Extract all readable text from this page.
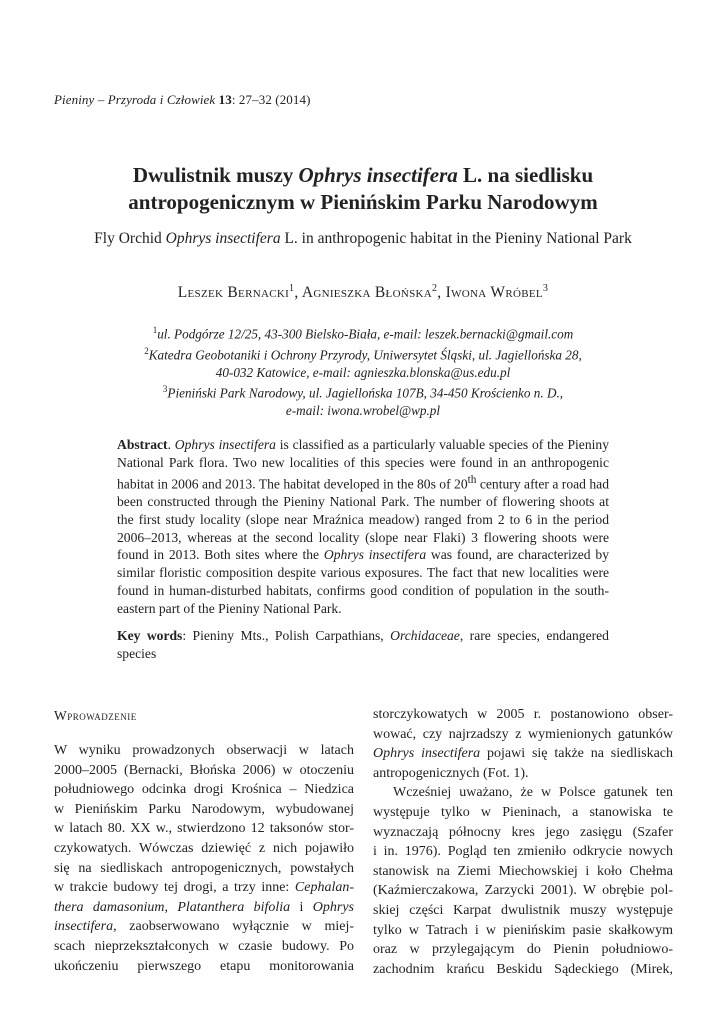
Pieniny – Przyroda i Człowiek 13: 27–32 (2014)
Dwulistnik muszy Ophrys insectifera L. na siedlisku
antropogenicznym w Pienińskim Parku Narodowym
Fly Orchid Ophrys insectifera L. in anthropogenic habitat in the Pieniny National Park
Leszek Bernacki$^1$, Agnieszka Błońska$^2$, Iwona Wróbel$^3$
$^1$ul. Podgórze 12/25, 43-300 Bielsko-Biała, e-mail: leszek.bernacki@gmail.com
$^2$Katedra Geobotaniki i Ochrony Przyrody, Uniwersytet Śląski, ul. Jagiellońska 28,
40-032 Katowice, e-mail: agnieszka.blonska@us.edu.pl
$^3$Pieniński Park Narodowy, ul. Jagiellońska 107B, 34-450 Krościenko n. D.,
e-mail: iwona.wrobel@wp.pl
Abstract. Ophrys insectifera is classified as a particularly valuable species of the Pieniny National Park flora. Two new localities of this species were found in an anthropogenic habitat in 2006 and 2013. The habitat developed in the 80s of 20th century after a road had been constructed through the Pieniny National Park. The number of flowering shoots at the first study locality (slope near Mraźnica meadow) ranged from 2 to 6 in the period 2006–2013, whereas at the second locality (slope near Flaki) 3 flowering shoots were found in 2013. Both sites where the Ophrys insectifera was found, are characterized by similar floristic composition despite various exposures. The fact that new localities were found in human-disturbed habitats, confirms good condition of population in the south-eastern part of the Pieniny National Park.
Key words: Pieniny Mts., Polish Carpathians, Orchidaceae, rare species, endangered species
Wprowadzenie
W wyniku prowadzonych obserwacji w latach
2000–2005 (Bernacki, Błońska 2006) w otoczeniu
południowego odcinka drogi Krośnica – Niedzica
w Pienińskim Parku Narodowym, wybudowanej
w latach 80. XX w., stwierdzono 12 taksonów stor-
czykowatych. Wówczas dziewięć z nich pojawiło
się na siedliskach antropogenicznych, powstałych
w trakcie budowy tej drogi, a trzy inne: Cephalan-
thera damasonium, Platanthera bifolia i Ophrys
insectifera, zaobserwowano wyłącznie w miej-
scach nieprzekształconych w czasie budowy. Po
ukończeniu pierwszego etapu monitorowania
storczykowatych w 2005 r. postanowiono obser-
wować, czy najrzadszy z wymienionych gatunków
Ophrys insectifera pojawi się także na siedliskach
antropogenicznych (Fot. 1).
Wcześniej uważano, że w Polsce gatunek ten
występuje tylko w Pieninach, a stanowiska te
wyznaczają północny kres jego zasięgu (Szafer
i in. 1976). Pogląd ten zmieniło odkrycie nowych
stanowisk na Ziemi Miechowskiej i koło Chełma
(Kaźmierczakowa, Zarzycki 2001). W obrębie pol-
skiej części Karpat dwulistnik muszy występuje
tylko w Tatrach i w pienińskim pasie skałkowym
oraz w przylegającym do Pienin południowo-
zachodnim krańcu Beskidu Sądeckiego (Mirek,
